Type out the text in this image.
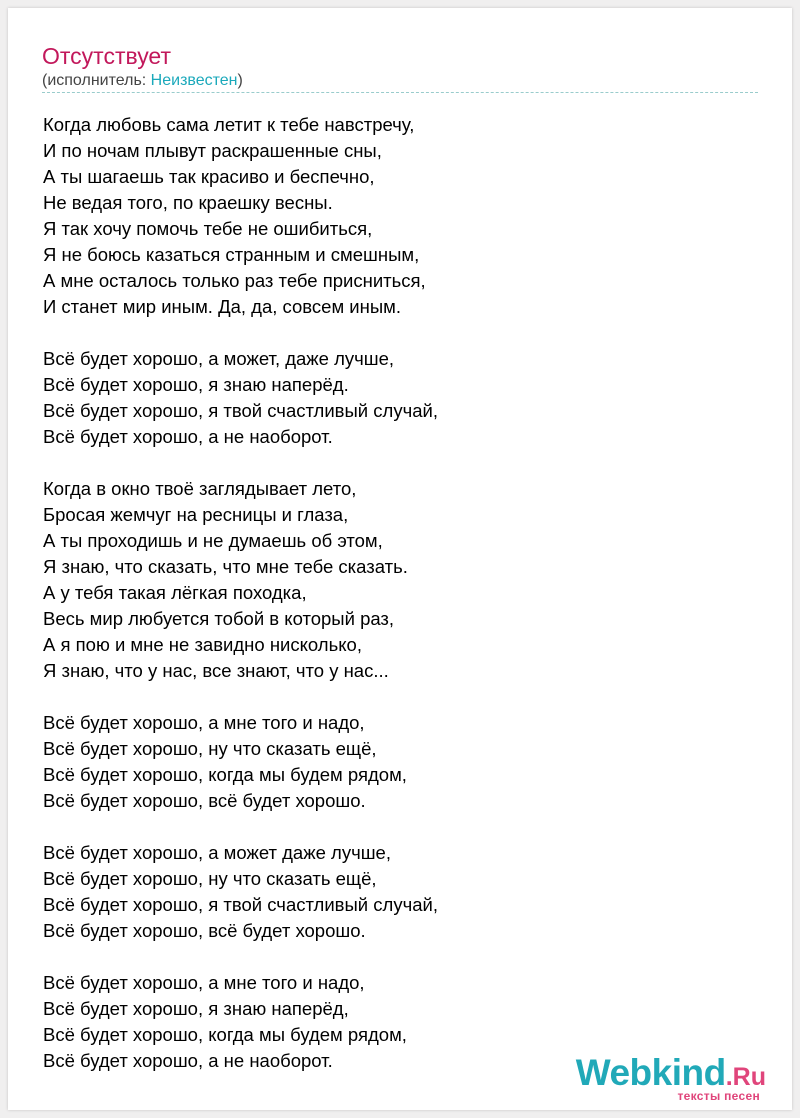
Отсутствует
(исполнитель: Неизвестен)
Когда любовь сама летит к тебе навстречу,
И по ночам плывут раскрашенные сны,
А ты шагаешь так красиво и беспечно,
Не ведая того, по краешку весны.
Я так хочу помочь тебе не ошибиться,
Я не боюсь казаться странным и смешным,
А мне осталось только раз тебе присниться,
И станет мир иным. Да, да, совсем иным.
Всё будет хорошо, а может, даже лучше,
Всё будет хорошо, я знаю наперёд.
Всё будет хорошо, я твой счастливый случай,
Всё будет хорошо, а не наоборот.
Когда в окно твоё заглядывает лето,
Бросая жемчуг на ресницы и глаза,
А ты проходишь и не думаешь об этом,
Я знаю, что сказать, что мне тебе сказать.
А у тебя такая лёгкая походка,
Весь мир любуется тобой в который раз,
А я пою и мне не завидно нисколько,
Я знаю, что у нас, все знают, что у нас...
Всё будет хорошо, а мне того и надо,
Всё будет хорошо, ну что сказать ещё,
Всё будет хорошо, когда мы будем рядом,
Всё будет хорошо, всё будет хорошо.
Всё будет хорошо, а может даже лучше,
Всё будет хорошо, ну что сказать ещё,
Всё будет хорошо, я твой счастливый случай,
Всё будет хорошо, всё будет хорошо.
Всё будет хорошо, а мне того и надо,
Всё будет хорошо, я знаю наперёд,
Всё будет хорошо, когда мы будем рядом,
Всё будет хорошо, а не наоборот.	Webkind.Ru
тексты песен
